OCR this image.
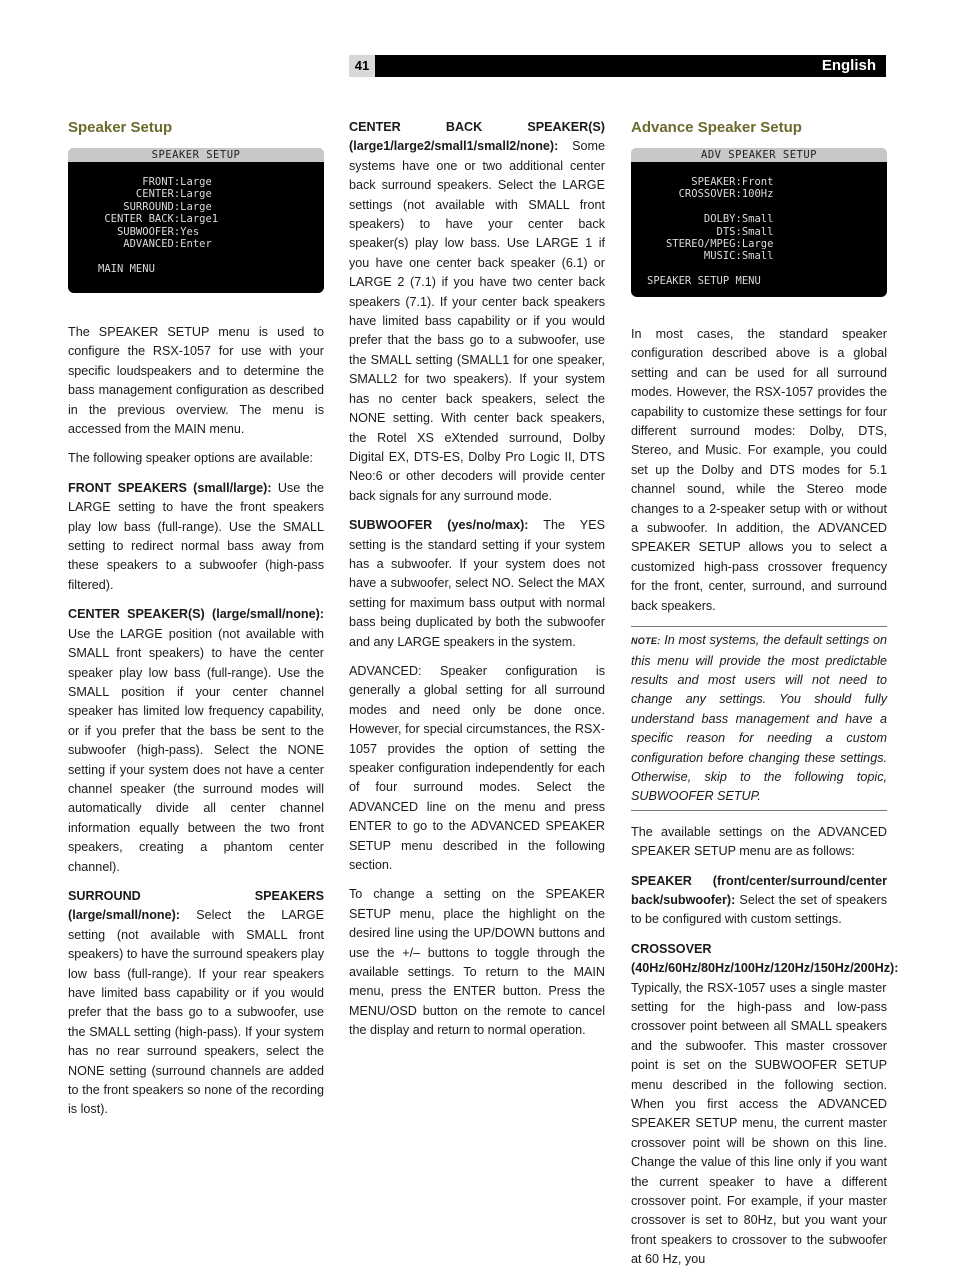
41	English
Speaker Setup
SPEAKER SETUP
FRONT:Large
CENTER:Large
SURROUND:Large
CENTER BACK:Large1
SUBWOOFER:Yes
ADVANCED:Enter

MAIN MENU

The SPEAKER SETUP menu is used to configure the RSX-1057 for use with your specific loudspeakers and to determine the bass management configuration as described in the previous overview. The menu is accessed from the MAIN menu.

The following speaker options are available:

FRONT SPEAKERS (small/large): Use the LARGE setting to have the front speakers play low bass (full-range). Use the SMALL setting to redirect normal bass away from these speakers to a subwoofer (high-pass filtered).

CENTER SPEAKER(S) (large/small/none): Use the LARGE position (not available with SMALL front speakers) to have the center speaker play low bass (full-range). Use the SMALL position if your center channel speaker has limited low frequency capability, or if you prefer that the bass be sent to the subwoofer (high-pass). Select the NONE setting if your system does not have a center channel speaker (the surround modes will automatically divide all center channel information equally between the two front speakers, creating a phantom center channel).

SURROUND SPEAKERS (large/small/none): Select the LARGE setting (not available with SMALL front speakers) to have the surround speakers play low bass (full-range). If your rear speakers have limited bass capability or if you would prefer that the bass go to a subwoofer, use the SMALL setting (high-pass). If your system has no rear surround speakers, select the NONE setting (surround channels are added to the front speakers so none of the recording is lost).

CENTER BACK SPEAKER(S) (large1/large2/small1/small2/none): Some systems have one or two additional center back surround speakers. Select the LARGE settings (not available with SMALL front speakers) to have your center back speaker(s) play low bass. Use LARGE 1 if you have one center back speaker (6.1) or LARGE 2 (7.1) if you have two center back speakers (7.1). If your center back speakers have limited bass capability or if you would prefer that the bass go to a subwoofer, use the SMALL setting (SMALL1 for one speaker, SMALL2 for two speakers). If your system has no center back speakers, select the NONE setting. With center back speakers, the Rotel XS eXtended surround, Dolby Digital EX, DTS-ES, Dolby Pro Logic II, DTS Neo:6 or other decoders will provide center back signals for any surround mode.

SUBWOOFER (yes/no/max): The YES setting is the standard setting if your system has a subwoofer. If your system does not have a subwoofer, select NO. Select the MAX setting for maximum bass output with normal bass being duplicated by both the subwoofer and any LARGE speakers in the system.

ADVANCED: Speaker configuration is generally a global setting for all surround modes and need only be done once. However, for special circumstances, the RSX-1057 provides the option of setting the speaker configuration independently for each of four surround modes. Select the ADVANCED line on the menu and press ENTER to go to the ADVANCED SPEAKER SETUP menu described in the following section.

To change a setting on the SPEAKER SETUP menu, place the highlight on the desired line using the UP/DOWN buttons and use the +/– buttons to toggle through the available settings. To return to the MAIN menu, press the ENTER button. Press the MENU/OSD button on the remote to cancel the display and return to normal operation.

Advance Speaker Setup
ADV SPEAKER SETUP
SPEAKER:Front
CROSSOVER:100Hz

DOLBY:Small
DTS:Small
STEREO/MPEG:Large
MUSIC:Small

SPEAKER SETUP MENU

In most cases, the standard speaker configuration described above is a global setting and can be used for all surround modes. However, the RSX-1057 provides the capability to customize these settings for four different surround modes: Dolby, DTS, Stereo, and Music. For example, you could set up the Dolby and DTS modes for 5.1 channel sound, while the Stereo mode changes to a 2-speaker setup with or without a subwoofer. In addition, the ADVANCED SPEAKER SETUP allows you to select a customized high-pass crossover frequency for the front, center, surround, and surround back speakers.

NOTE: In most systems, the default settings on this menu will provide the most predictable results and most users will not need to change any settings. You should fully understand bass management and have a specific reason for needing a custom configuration before changing these settings. Otherwise, skip to the following topic, SUBWOOFER SETUP.

The available settings on the ADVANCED SPEAKER SETUP menu are as follows:

SPEAKER (front/center/surround/center back/subwoofer): Select the set of speakers to be configured with custom settings.

CROSSOVER (40Hz/60Hz/80Hz/100Hz/120Hz/150Hz/200Hz): Typically, the RSX-1057 uses a single master setting for the high-pass and low-pass crossover point between all SMALL speakers and the subwoofer. This master crossover point is set on the SUBWOOFER SETUP menu described in the following section. When you first access the ADVANCED SPEAKER SETUP menu, the current master crossover point will be shown on this line. Change the value of this line only if you want the current speaker to have a different crossover point. For example, if your master crossover is set to 80Hz, but you want your front speakers to crossover to the subwoofer at 60 Hz, you
